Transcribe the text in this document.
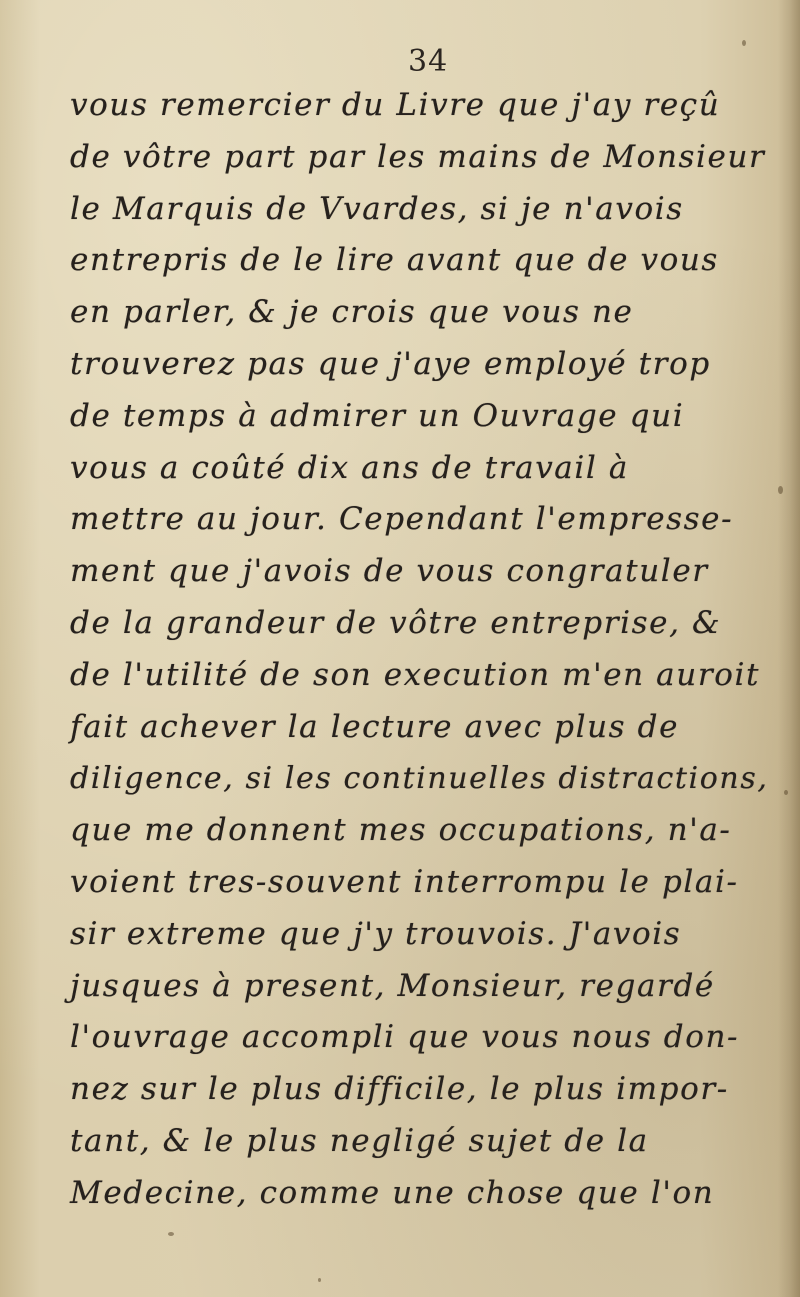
34
vous remercier du Livre que j'ay reçû
de vôtre part par les mains de Monsieur
le Marquis de Vvardes, si je n'avois
entrepris de le lire avant que de vous
en parler, & je crois que vous ne
trouverez pas que j'aye employé trop
de temps à admirer un Ouvrage qui
vous a coûté dix ans de travail à
mettre au jour. Cependant l'empresse-
ment que j'avois de vous congratuler
de la grandeur de vôtre entreprise, &
de l'utilité de son execution m'en auroit
fait achever la lecture avec plus de
diligence, si les continuelles distractions,
que me donnent mes occupations, n'a-
voient tres-souvent interrompu le plai-
sir extreme que j'y trouvois. J'avois
jusques à present, Monsieur, regardé
l'ouvrage accompli que vous nous don-
nez sur le plus difficile, le plus impor-
tant, & le plus negligé sujet de la
Medecine, comme une chose que l'on
